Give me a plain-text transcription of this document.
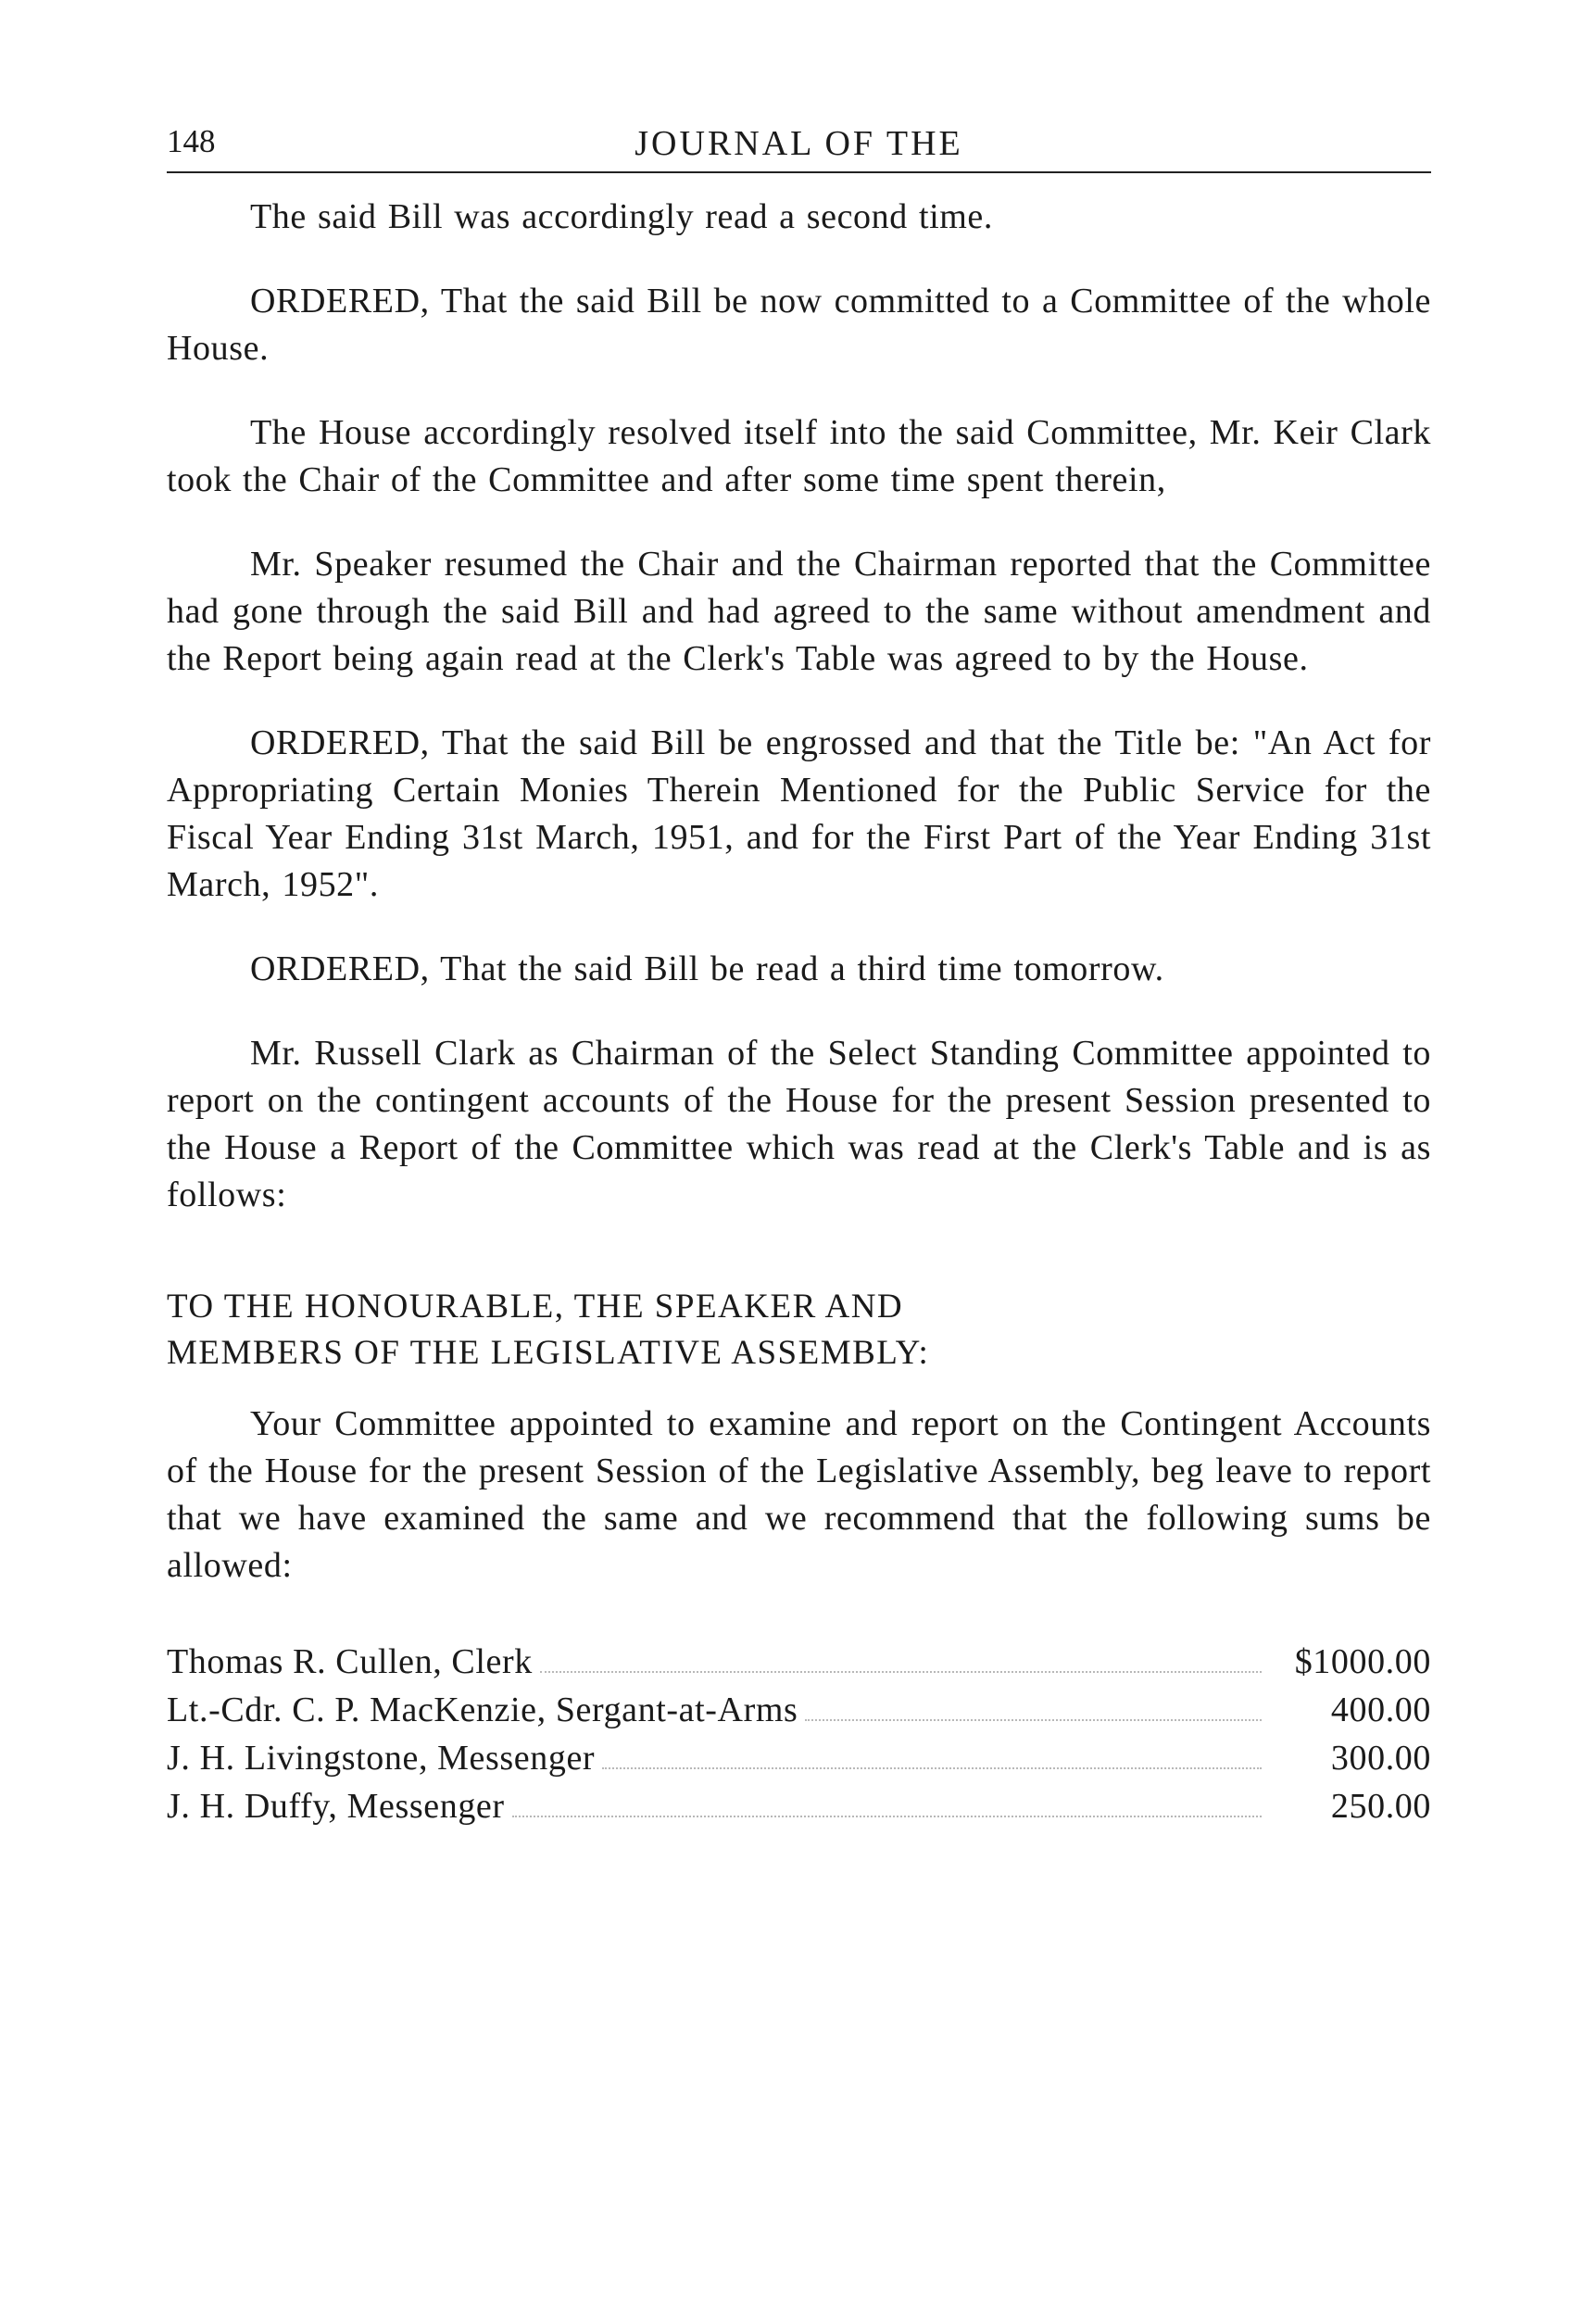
148	JOURNAL OF THE

The said Bill was accordingly read a second time.

ORDERED, That the said Bill be now committed to a Committee of the whole House.

The House accordingly resolved itself into the said Committee, Mr. Keir Clark took the Chair of the Committee and after some time spent therein,

Mr. Speaker resumed the Chair and the Chairman reported that the Committee had gone through the said Bill and had agreed to the same without amendment and the Report being again read at the Clerk's Table was agreed to by the House.

ORDERED, That the said Bill be engrossed and that the Title be: "An Act for Appropriating Certain Monies Therein Mentioned for the Public Service for the Fiscal Year Ending 31st March, 1951, and for the First Part of the Year Ending 31st March, 1952".

ORDERED, That the said Bill be read a third time tomorrow.

Mr. Russell Clark as Chairman of the Select Standing Committee appointed to report on the contingent accounts of the House for the present Session presented to the House a Report of the Committee which was read at the Clerk's Table and is as follows:

TO THE HONOURABLE, THE SPEAKER AND
MEMBERS OF THE LEGISLATIVE ASSEMBLY:

Your Committee appointed to examine and report on the Contingent Accounts of the House for the present Session of the Legislative Assembly, beg leave to report that we have examined the same and we recommend that the following sums be allowed:

Thomas R. Cullen, Clerk	$1000.00
Lt.-Cdr. C. P. MacKenzie, Sergant-at-Arms	400.00
J. H. Livingstone, Messenger	300.00
J. H. Duffy, Messenger	250.00
